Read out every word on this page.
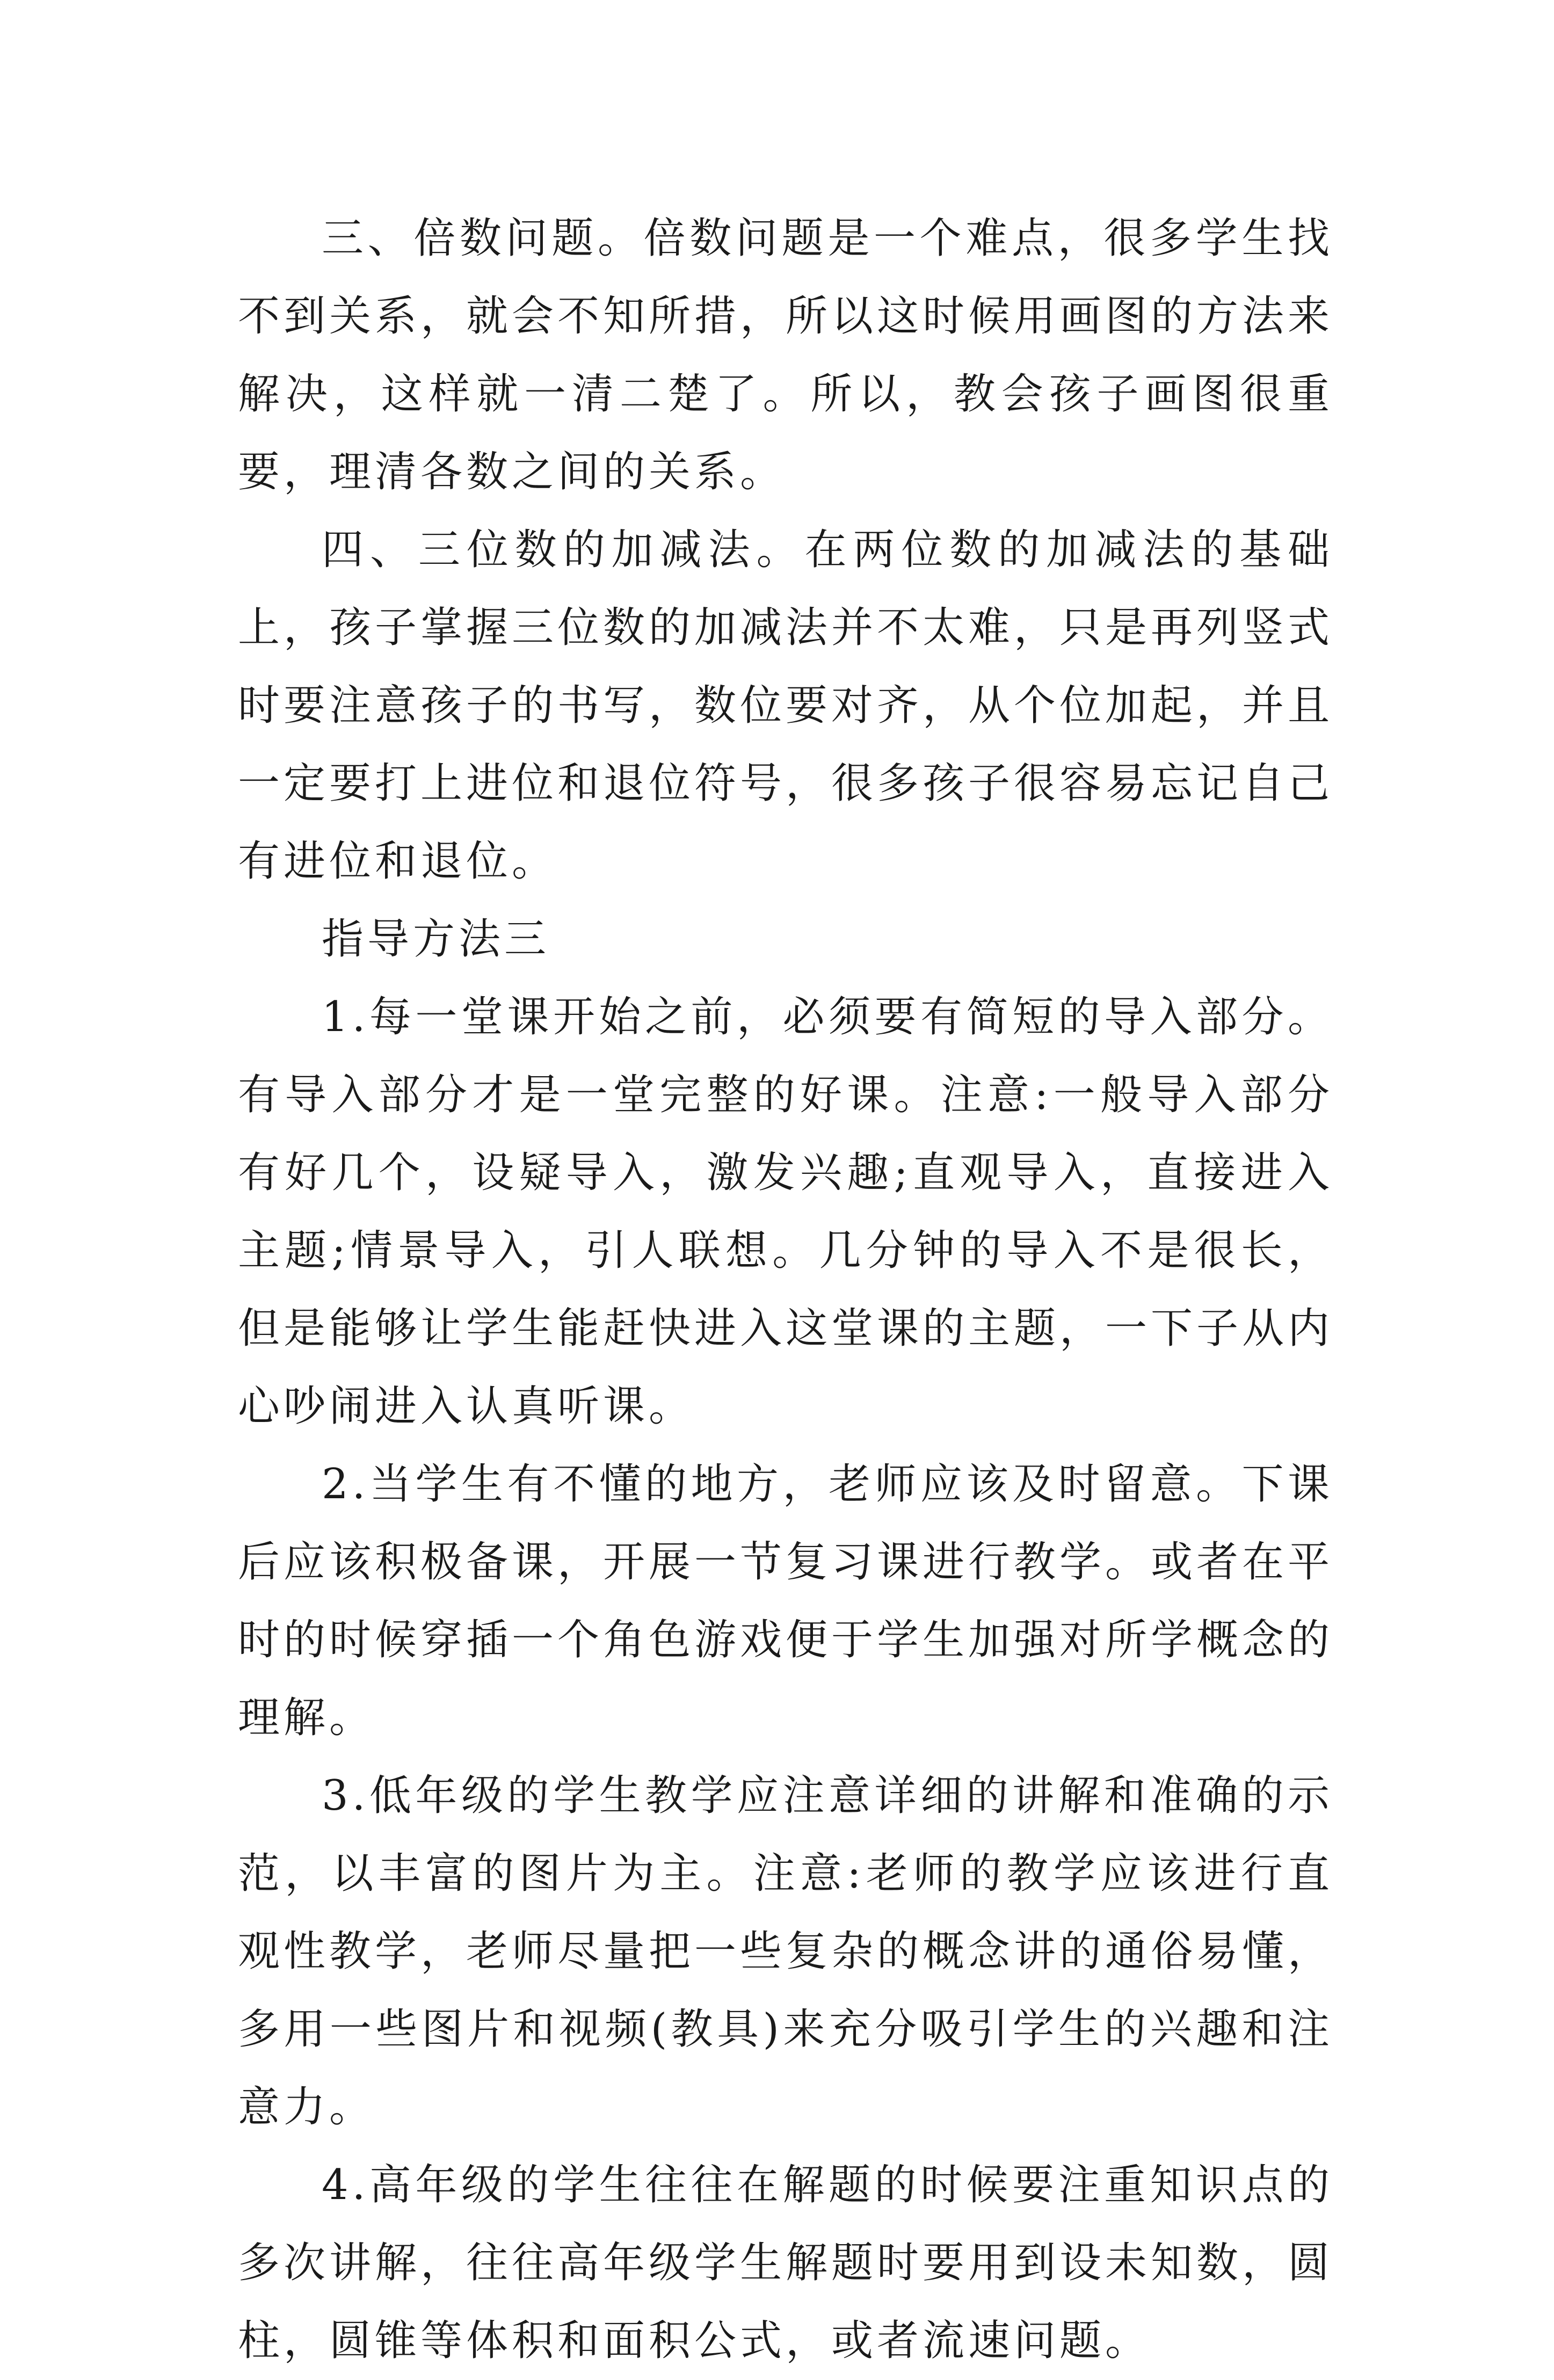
三、倍数问题。倍数问题是一个难点，很多学生找不到关系，就会不知所措，所以这时候用画图的方法来解决，这样就一清二楚了。所以，教会孩子画图很重要，理清各数之间的关系。

四、三位数的加减法。在两位数的加减法的基础上，孩子掌握三位数的加减法并不太难，只是再列竖式时要注意孩子的书写，数位要对齐，从个位加起，并且一定要打上进位和退位符号，很多孩子很容易忘记自己有进位和退位。

指导方法三

1.每一堂课开始之前，必须要有简短的导入部分。有导入部分才是一堂完整的好课。注意:一般导入部分有好几个，设疑导入，激发兴趣;直观导入，直接进入主题;情景导入，引人联想。几分钟的导入不是很长，但是能够让学生能赶快进入这堂课的主题，一下子从内心吵闹进入认真听课。

2.当学生有不懂的地方，老师应该及时留意。下课后应该积极备课，开展一节复习课进行教学。或者在平时的时候穿插一个角色游戏便于学生加强对所学概念的理解。

3.低年级的学生教学应注意详细的讲解和准确的示范，以丰富的图片为主。注意:老师的教学应该进行直观性教学，老师尽量把一些复杂的概念讲的通俗易懂，多用一些图片和视频(教具)来充分吸引学生的兴趣和注意力。

4.高年级的学生往往在解题的时候要注重知识点的多次讲解，往往高年级学生解题时要用到设未知数，圆柱，圆锥等体积和面积公式，或者流速问题。
